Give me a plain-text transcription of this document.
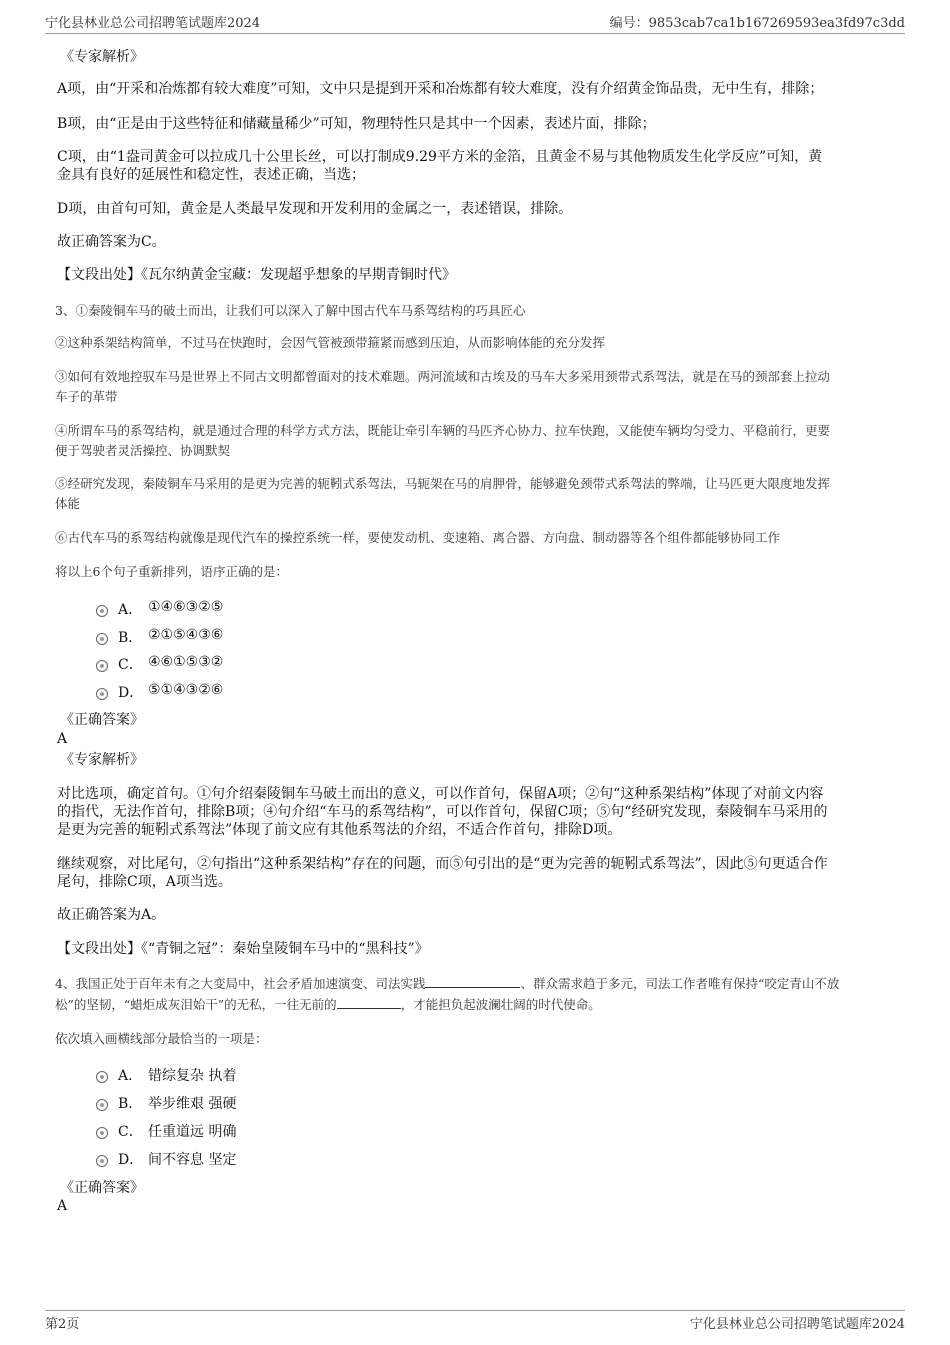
宁化县林业总公司招聘笔试题库2024	编号：9853cab7ca1b167269593ea3fd97c3dd
《专家解析》
A项，由“开采和冶炼都有较大难度”可知，文中只是提到开采和冶炼都有较大难度，没有介绍黄金饰品贵，无中生有，排除；
B项，由“正是由于这些特征和储藏量稀少”可知，物理特性只是其中一个因素，表述片面，排除；
C项，由“1盎司黄金可以拉成几十公里长丝，可以打制成9.29平方米的金箔，且黄金不易与其他物质发生化学反应”可知，黄
金具有良好的延展性和稳定性，表述正确，当选；
D项，由首句可知，黄金是人类最早发现和开发利用的金属之一，表述错误，排除。
故正确答案为C。
【文段出处】《瓦尔纳黄金宝藏：发现超乎想象的早期青铜时代》
3、①秦陵铜车马的破土而出，让我们可以深入了解中国古代车马系驾结构的巧具匠心
②这种系架结构简单，不过马在快跑时，会因气管被颈带箍紧而感到压迫，从而影响体能的充分发挥
③如何有效地控驭车马是世界上不同古文明都曾面对的技术难题。两河流域和古埃及的马车大多采用颈带式系驾法，就是在马的颈部套上拉动
车子的革带
④所谓车马的系驾结构，就是通过合理的科学方式方法，既能让牵引车辆的马匹齐心协力、拉车快跑，又能使车辆均匀受力、平稳前行，更要
便于驾驶者灵活操控、协调默契
⑤经研究发现，秦陵铜车马采用的是更为完善的轭靷式系驾法，马轭架在马的肩胛骨，能够避免颈带式系驾法的弊端，让马匹更大限度地发挥
体能
⑥古代车马的系驾结构就像是现代汽车的操控系统一样，要使发动机、变速箱、离合器、方向盘、制动器等各个组件都能够协同工作
将以上6个句子重新排列，语序正确的是：
A． ①④⑥③②⑤
B． ②①⑤④③⑥
C． ④⑥①⑤③②
D． ⑤①④③②⑥
《正确答案》
A
《专家解析》
对比选项，确定首句。①句介绍秦陵铜车马破土而出的意义，可以作首句，保留A项；②句“这种系架结构”体现了对前文内容
的指代，无法作首句，排除B项；④句介绍“车马的系驾结构”，可以作首句，保留C项；⑤句“经研究发现，秦陵铜车马采用的
是更为完善的轭靷式系驾法”体现了前文应有其他系驾法的介绍，不适合作首句，排除D项。
继续观察，对比尾句，②句指出“这种系架结构”存在的问题，而⑤句引出的是“更为完善的轭靷式系驾法”，因此⑤句更适合作
尾句，排除C项，A项当选。
故正确答案为A。
【文段出处】《“青铜之冠”：秦始皇陵铜车马中的“黑科技”》
4、我国正处于百年未有之大变局中，社会矛盾加速演变、司法实践	、群众需求趋于多元，司法工作者唯有保持“咬定青山不放
松”的坚韧，“蜡炬成灰泪始干”的无私，一往无前的	，才能担负起波澜壮阔的时代使命。
依次填入画横线部分最恰当的一项是：
A． 错综复杂 执着
B． 举步维艰 强硬
C． 任重道远 明确
D． 间不容息 坚定
《正确答案》
A
第2页	宁化县林业总公司招聘笔试题库2024
